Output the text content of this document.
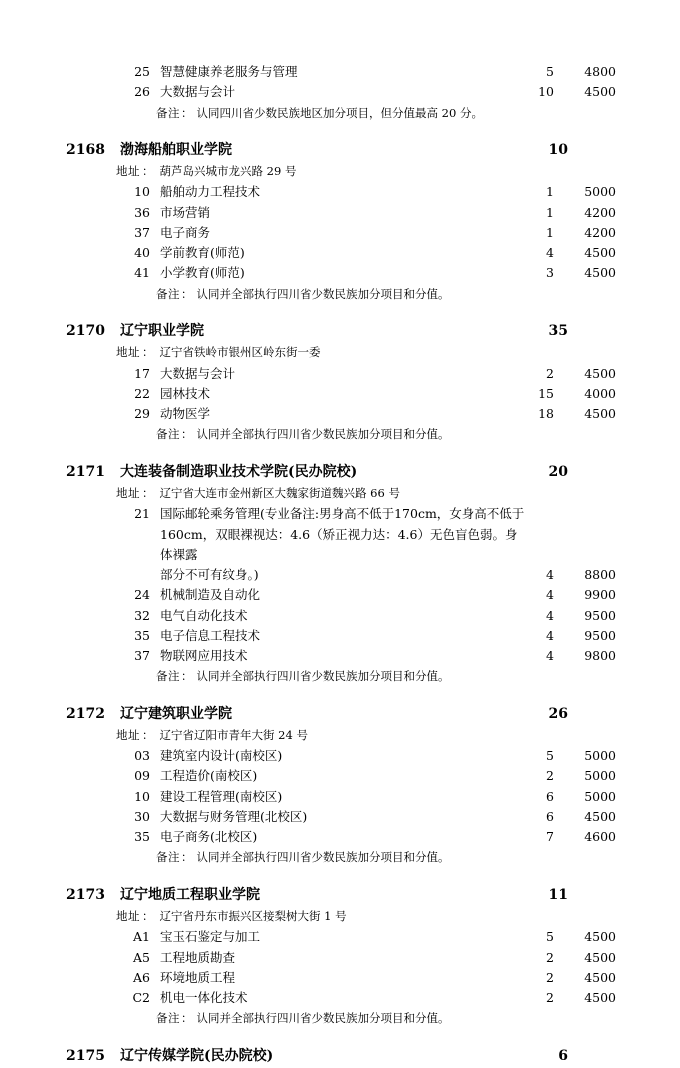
25 智慧健康养老服务与管理	5	4800
26 大数据与会计	10	4500
备注 ： 认同四川省少数民族地区加分项目，但分值最高 20 分。
2168	渤海船舶职业学院	10
地址 ： 葫芦岛兴城市龙兴路 29 号
10 船舶动力工程技术	1	5000
36 市场营销	1	4200
37 电子商务	1	4200
40 学前教育(师范)	4	4500
41 小学教育(师范)	3	4500
备注 ： 认同并全部执行四川省少数民族加分项目和分值。
2170	辽宁职业学院	35
地址 ： 辽宁省铁岭市银州区岭东街一委
17 大数据与会计	2	4500
22 园林技术	15	4000
29 动物医学	18	4500
备注 ： 认同并全部执行四川省少数民族加分项目和分值。
2171	大连装备制造职业技术学院(民办院校)	20
地址 ： 辽宁省大连市金州新区大魏家街道魏兴路 66 号
21 国际邮轮乘务管理(专业备注:男身高不低于170cm，女身高不低于
160cm，双眼裸视达：4.6（矫正视力达：4.6）无色盲色弱。身体裸露
部分不可有纹身。)	4	8800
24 机械制造及自动化	4	9900
32 电气自动化技术	4	9500
35 电子信息工程技术	4	9500
37 物联网应用技术	4	9800
备注 ： 认同并全部执行四川省少数民族加分项目和分值。
2172	辽宁建筑职业学院	26
地址 ： 辽宁省辽阳市青年大街 24 号
03 建筑室内设计(南校区)	5	5000
09 工程造价(南校区)	2	5000
10 建设工程管理(南校区)	6	5000
30 大数据与财务管理(北校区)	6	4500
35 电子商务(北校区)	7	4600
备注 ： 认同并全部执行四川省少数民族加分项目和分值。
2173	辽宁地质工程职业学院	11
地址 ： 辽宁省丹东市振兴区接梨树大街 1 号
A1 宝玉石鉴定与加工	5	4500
A5 工程地质勘查	2	4500
A6 环境地质工程	2	4500
C2 机电一体化技术	2	4500
备注 ： 认同并全部执行四川省少数民族加分项目和分值。
2175	辽宁传媒学院(民办院校)	6
